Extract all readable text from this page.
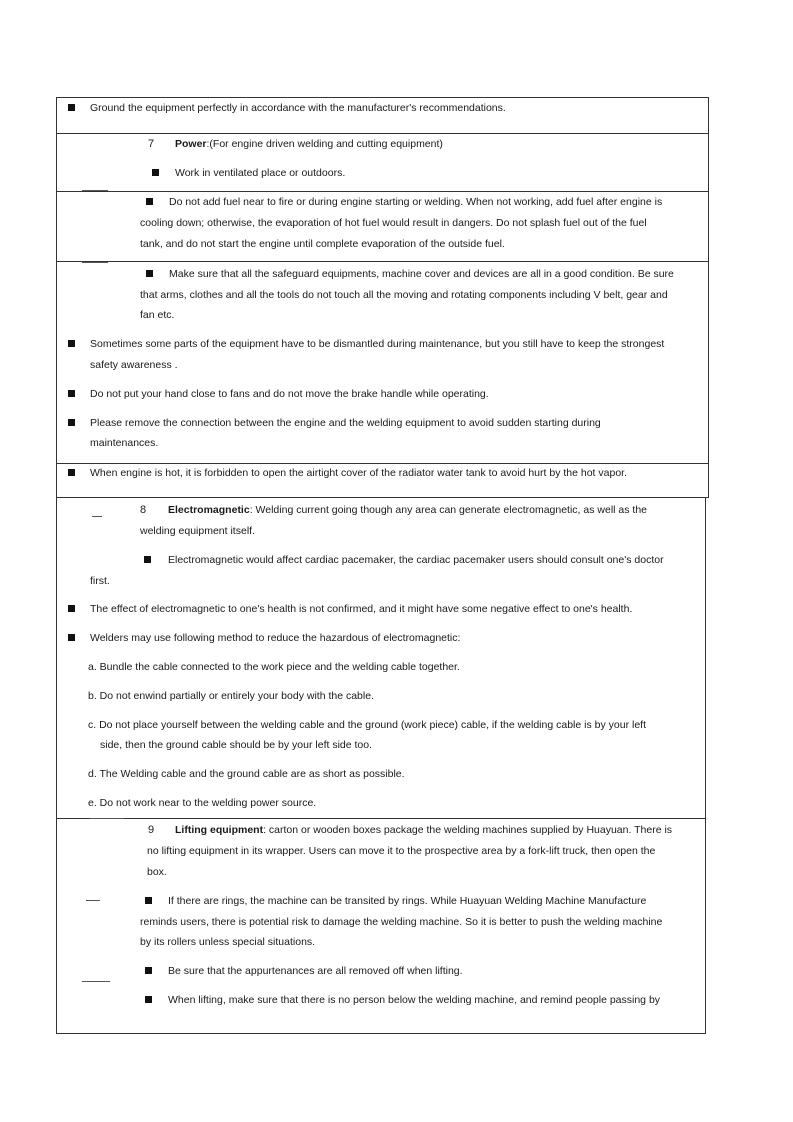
Ground the equipment perfectly in accordance with the manufacturer's recommendations.
7 Power:(For engine driven welding and cutting equipment)
Work in ventilated place or outdoors.
Do not add fuel near to fire or during engine starting or welding. When not working, add fuel after engine is
cooling down; otherwise, the evaporation of hot fuel would result in dangers. Do not splash fuel out of the fuel
tank, and do not start the engine until complete evaporation of the outside fuel.
Make sure that all the safeguard equipments, machine cover and devices are all in a good condition. Be sure
that arms, clothes and all the tools do not touch all the moving and rotating components including V belt, gear and
fan etc.
Sometimes some parts of the equipment have to be dismantled during maintenance, but you still have to keep the strongest
safety awareness .
Do not put your hand close to fans and do not move the brake handle while operating.
Please remove the connection between the engine and the welding equipment to avoid sudden starting during
maintenances.
When engine is hot, it is forbidden to open the airtight cover of the radiator water tank to avoid hurt by the hot vapor.
8 Electromagnetic: Welding current going though any area can generate electromagnetic, as well as the
welding equipment itself.
Electromagnetic would affect cardiac pacemaker, the cardiac pacemaker users should consult one's doctor
first.
The effect of electromagnetic to one's health is not confirmed, and it might have some negative effect to one's health.
Welders may use following method to reduce the hazardous of electromagnetic:
a. Bundle the cable connected to the work piece and the welding cable together.
b. Do not enwind partially or entirely your body with the cable.
c. Do not place yourself between the welding cable and the ground (work piece) cable, if the welding cable is by your left
side, then the ground cable should be by your left side too.
d. The Welding cable and the ground cable are as short as possible.
e. Do not work near to the welding power source.
9 Lifting equipment: carton or wooden boxes package the welding machines supplied by Huayuan. There is
no lifting equipment in its wrapper. Users can move it to the prospective area by a fork-lift truck, then open the
box.
If there are rings, the machine can be transited by rings. While Huayuan Welding Machine Manufacture
reminds users, there is potential risk to damage the welding machine. So it is better to push the welding machine
by its rollers unless special situations.
Be sure that the appurtenances are all removed off when lifting.
When lifting, make sure that there is no person below the welding machine, and remind people passing by
